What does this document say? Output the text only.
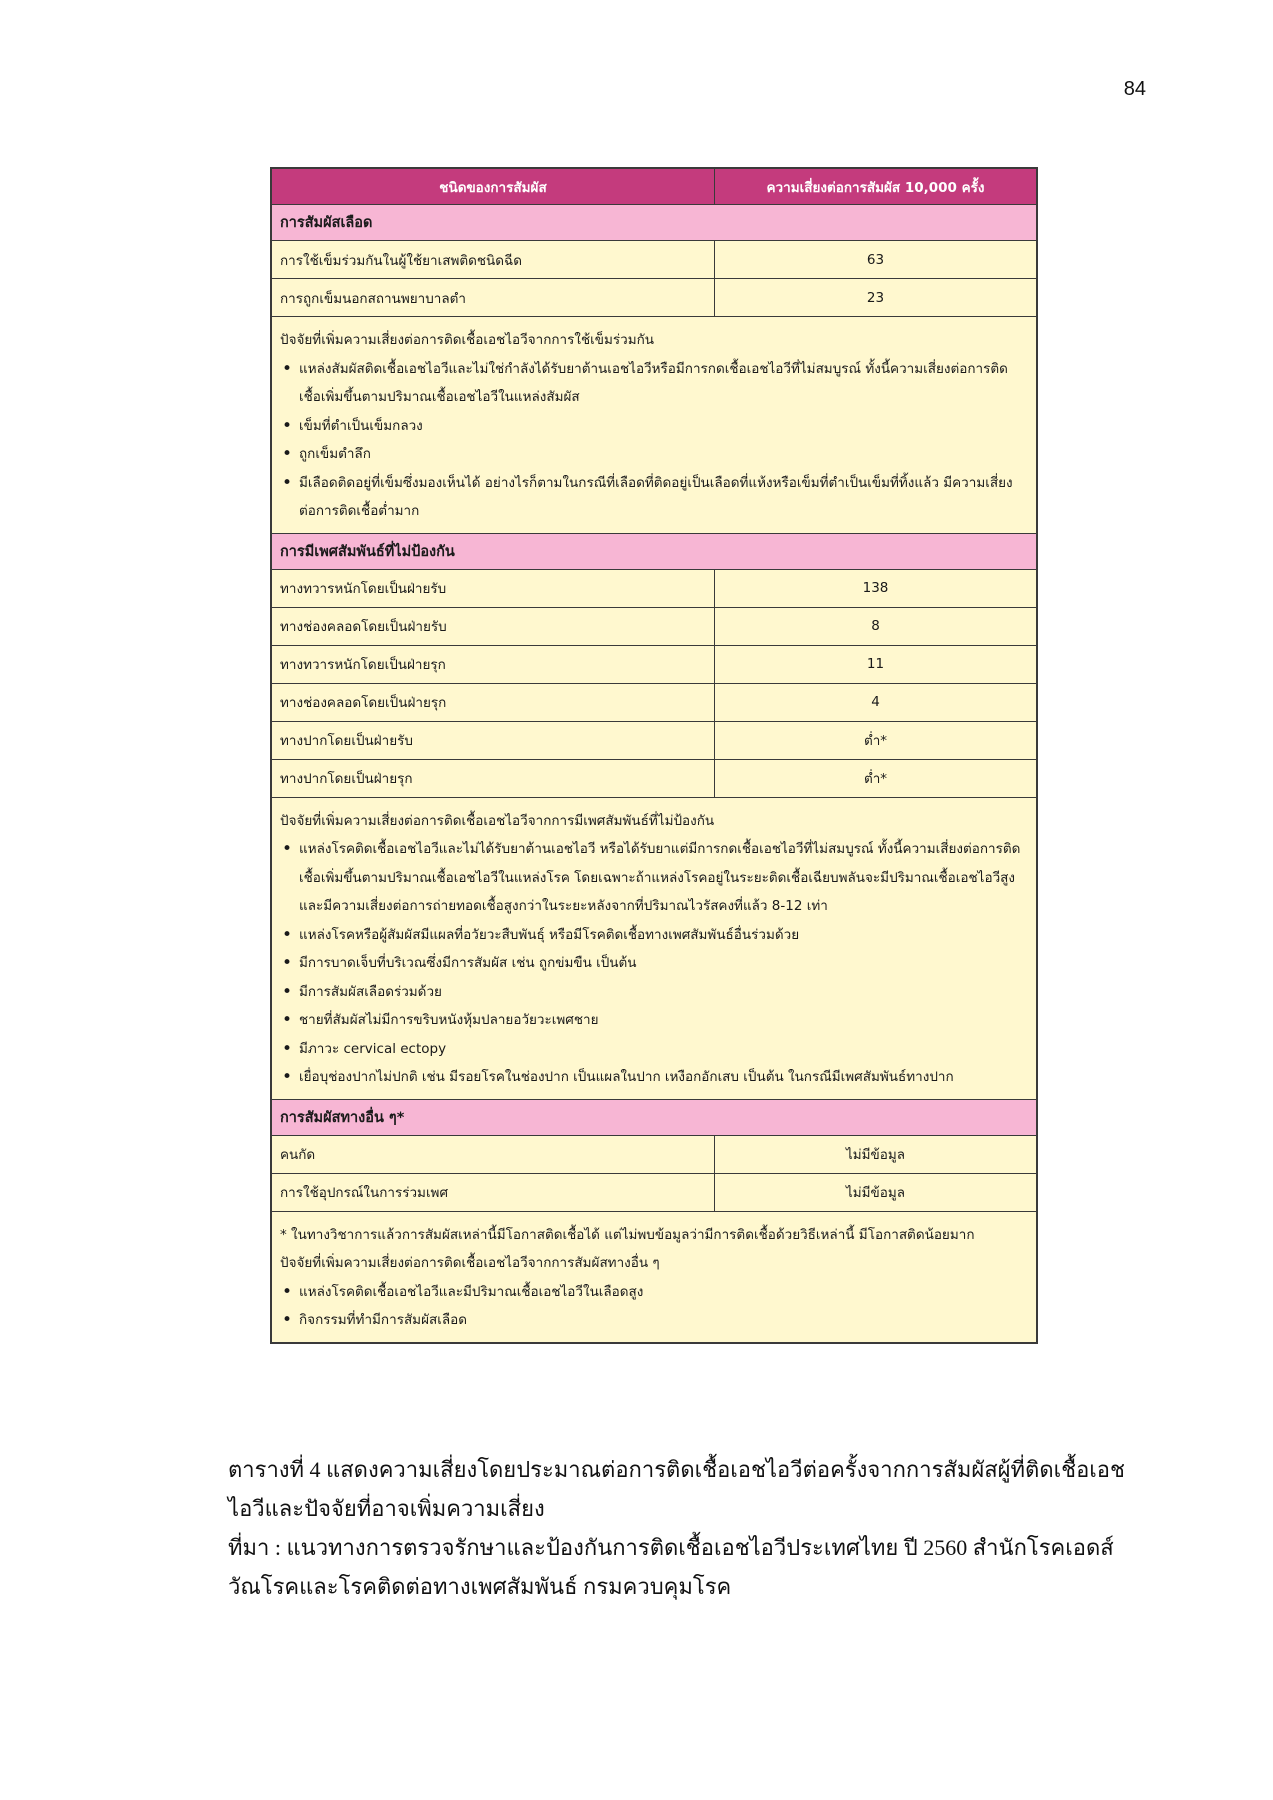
84
ชนิดของการสัมผัส	ความเสี่ยงต่อการสัมผัส 10,000 ครั้ง
การสัมผัสเลือด
การใช้เข็มร่วมกันในผู้ใช้ยาเสพติดชนิดฉีด	63
การถูกเข็มนอกสถานพยาบาลตำ	23
ปัจจัยที่เพิ่มความเสี่ยงต่อการติดเชื้อเอชไอวีจากการใช้เข็มร่วมกัน
• แหล่งสัมผัสติดเชื้อเอชไอวีและไม่ใช่กำลังได้รับยาต้านเอชไอวีหรือมีการกดเชื้อเอชไอวีที่ไม่สมบูรณ์ ทั้งนี้ความเสี่ยงต่อการติดเชื้อเพิ่มขึ้นตามปริมาณเชื้อเอชไอวีในแหล่งสัมผัส
• เข็มที่ตำเป็นเข็มกลวง
• ถูกเข็มตำลึก
• มีเลือดติดอยู่ที่เข็มซึ่งมองเห็นได้ อย่างไรก็ตามในกรณีที่เลือดที่ติดอยู่เป็นเลือดที่แห้งหรือเข็มที่ตำเป็นเข็มที่ทิ้งแล้ว มีความเสี่ยงต่อการติดเชื้อต่ำมาก
การมีเพศสัมพันธ์ที่ไม่ป้องกัน
ทางทวารหนักโดยเป็นฝ่ายรับ	138
ทางช่องคลอดโดยเป็นฝ่ายรับ	8
ทางทวารหนักโดยเป็นฝ่ายรุก	11
ทางช่องคลอดโดยเป็นฝ่ายรุก	4
ทางปากโดยเป็นฝ่ายรับ	ต่ำ*
ทางปากโดยเป็นฝ่ายรุก	ต่ำ*
ปัจจัยที่เพิ่มความเสี่ยงต่อการติดเชื้อเอชไอวีจากการมีเพศสัมพันธ์ที่ไม่ป้องกัน
• แหล่งโรคติดเชื้อเอชไอวีและไม่ได้รับยาต้านเอชไอวี หรือได้รับยาแต่มีการกดเชื้อเอชไอวีที่ไม่สมบูรณ์ ทั้งนี้ความเสี่ยงต่อการติดเชื้อเพิ่มขึ้นตามปริมาณเชื้อเอชไอวีในแหล่งโรค โดยเฉพาะถ้าแหล่งโรคอยู่ในระยะติดเชื้อเฉียบพลันจะมีปริมาณเชื้อเอชไอวีสูง และมีความเสี่ยงต่อการถ่ายทอดเชื้อสูงกว่าในระยะหลังจากที่ปริมาณไวรัสคงที่แล้ว 8-12 เท่า
• แหล่งโรคหรือผู้สัมผัสมีแผลที่อวัยวะสืบพันธุ์ หรือมีโรคติดเชื้อทางเพศสัมพันธ์อื่นร่วมด้วย
• มีการบาดเจ็บที่บริเวณซึ่งมีการสัมผัส เช่น ถูกข่มขืน เป็นต้น
• มีการสัมผัสเลือดร่วมด้วย
• ชายที่สัมผัสไม่มีการขริบหนังหุ้มปลายอวัยวะเพศชาย
• มีภาวะ cervical ectopy
• เยื่อบุช่องปากไม่ปกติ เช่น มีรอยโรคในช่องปาก เป็นแผลในปาก เหงือกอักเสบ เป็นต้น ในกรณีมีเพศสัมพันธ์ทางปาก
การสัมผัสทางอื่น ๆ*
คนกัด	ไม่มีข้อมูล
การใช้อุปกรณ์ในการร่วมเพศ	ไม่มีข้อมูล
* ในทางวิชาการแล้วการสัมผัสเหล่านี้มีโอกาสติดเชื้อได้ แต่ไม่พบข้อมูลว่ามีการติดเชื้อด้วยวิธีเหล่านี้ มีโอกาสติดน้อยมาก
ปัจจัยที่เพิ่มความเสี่ยงต่อการติดเชื้อเอชไอวีจากการสัมผัสทางอื่น ๆ
• แหล่งโรคติดเชื้อเอชไอวีและมีปริมาณเชื้อเอชไอวีในเลือดสูง
• กิจกรรมที่ทำมีการสัมผัสเลือด

ตารางที่ 4 แสดงความเสี่ยงโดยประมาณต่อการติดเชื้อเอชไอวีต่อครั้งจากการสัมผัสผู้ที่ติดเชื้อเอชไอวีและปัจจัยที่อาจเพิ่มความเสี่ยง

ที่มา : แนวทางการตรวจรักษาและป้องกันการติดเชื้อเอชไอวีประเทศไทย ปี 2560 สำนักโรคเอดส์ วัณโรคและโรคติดต่อทางเพศสัมพันธ์ กรมควบคุมโรค
